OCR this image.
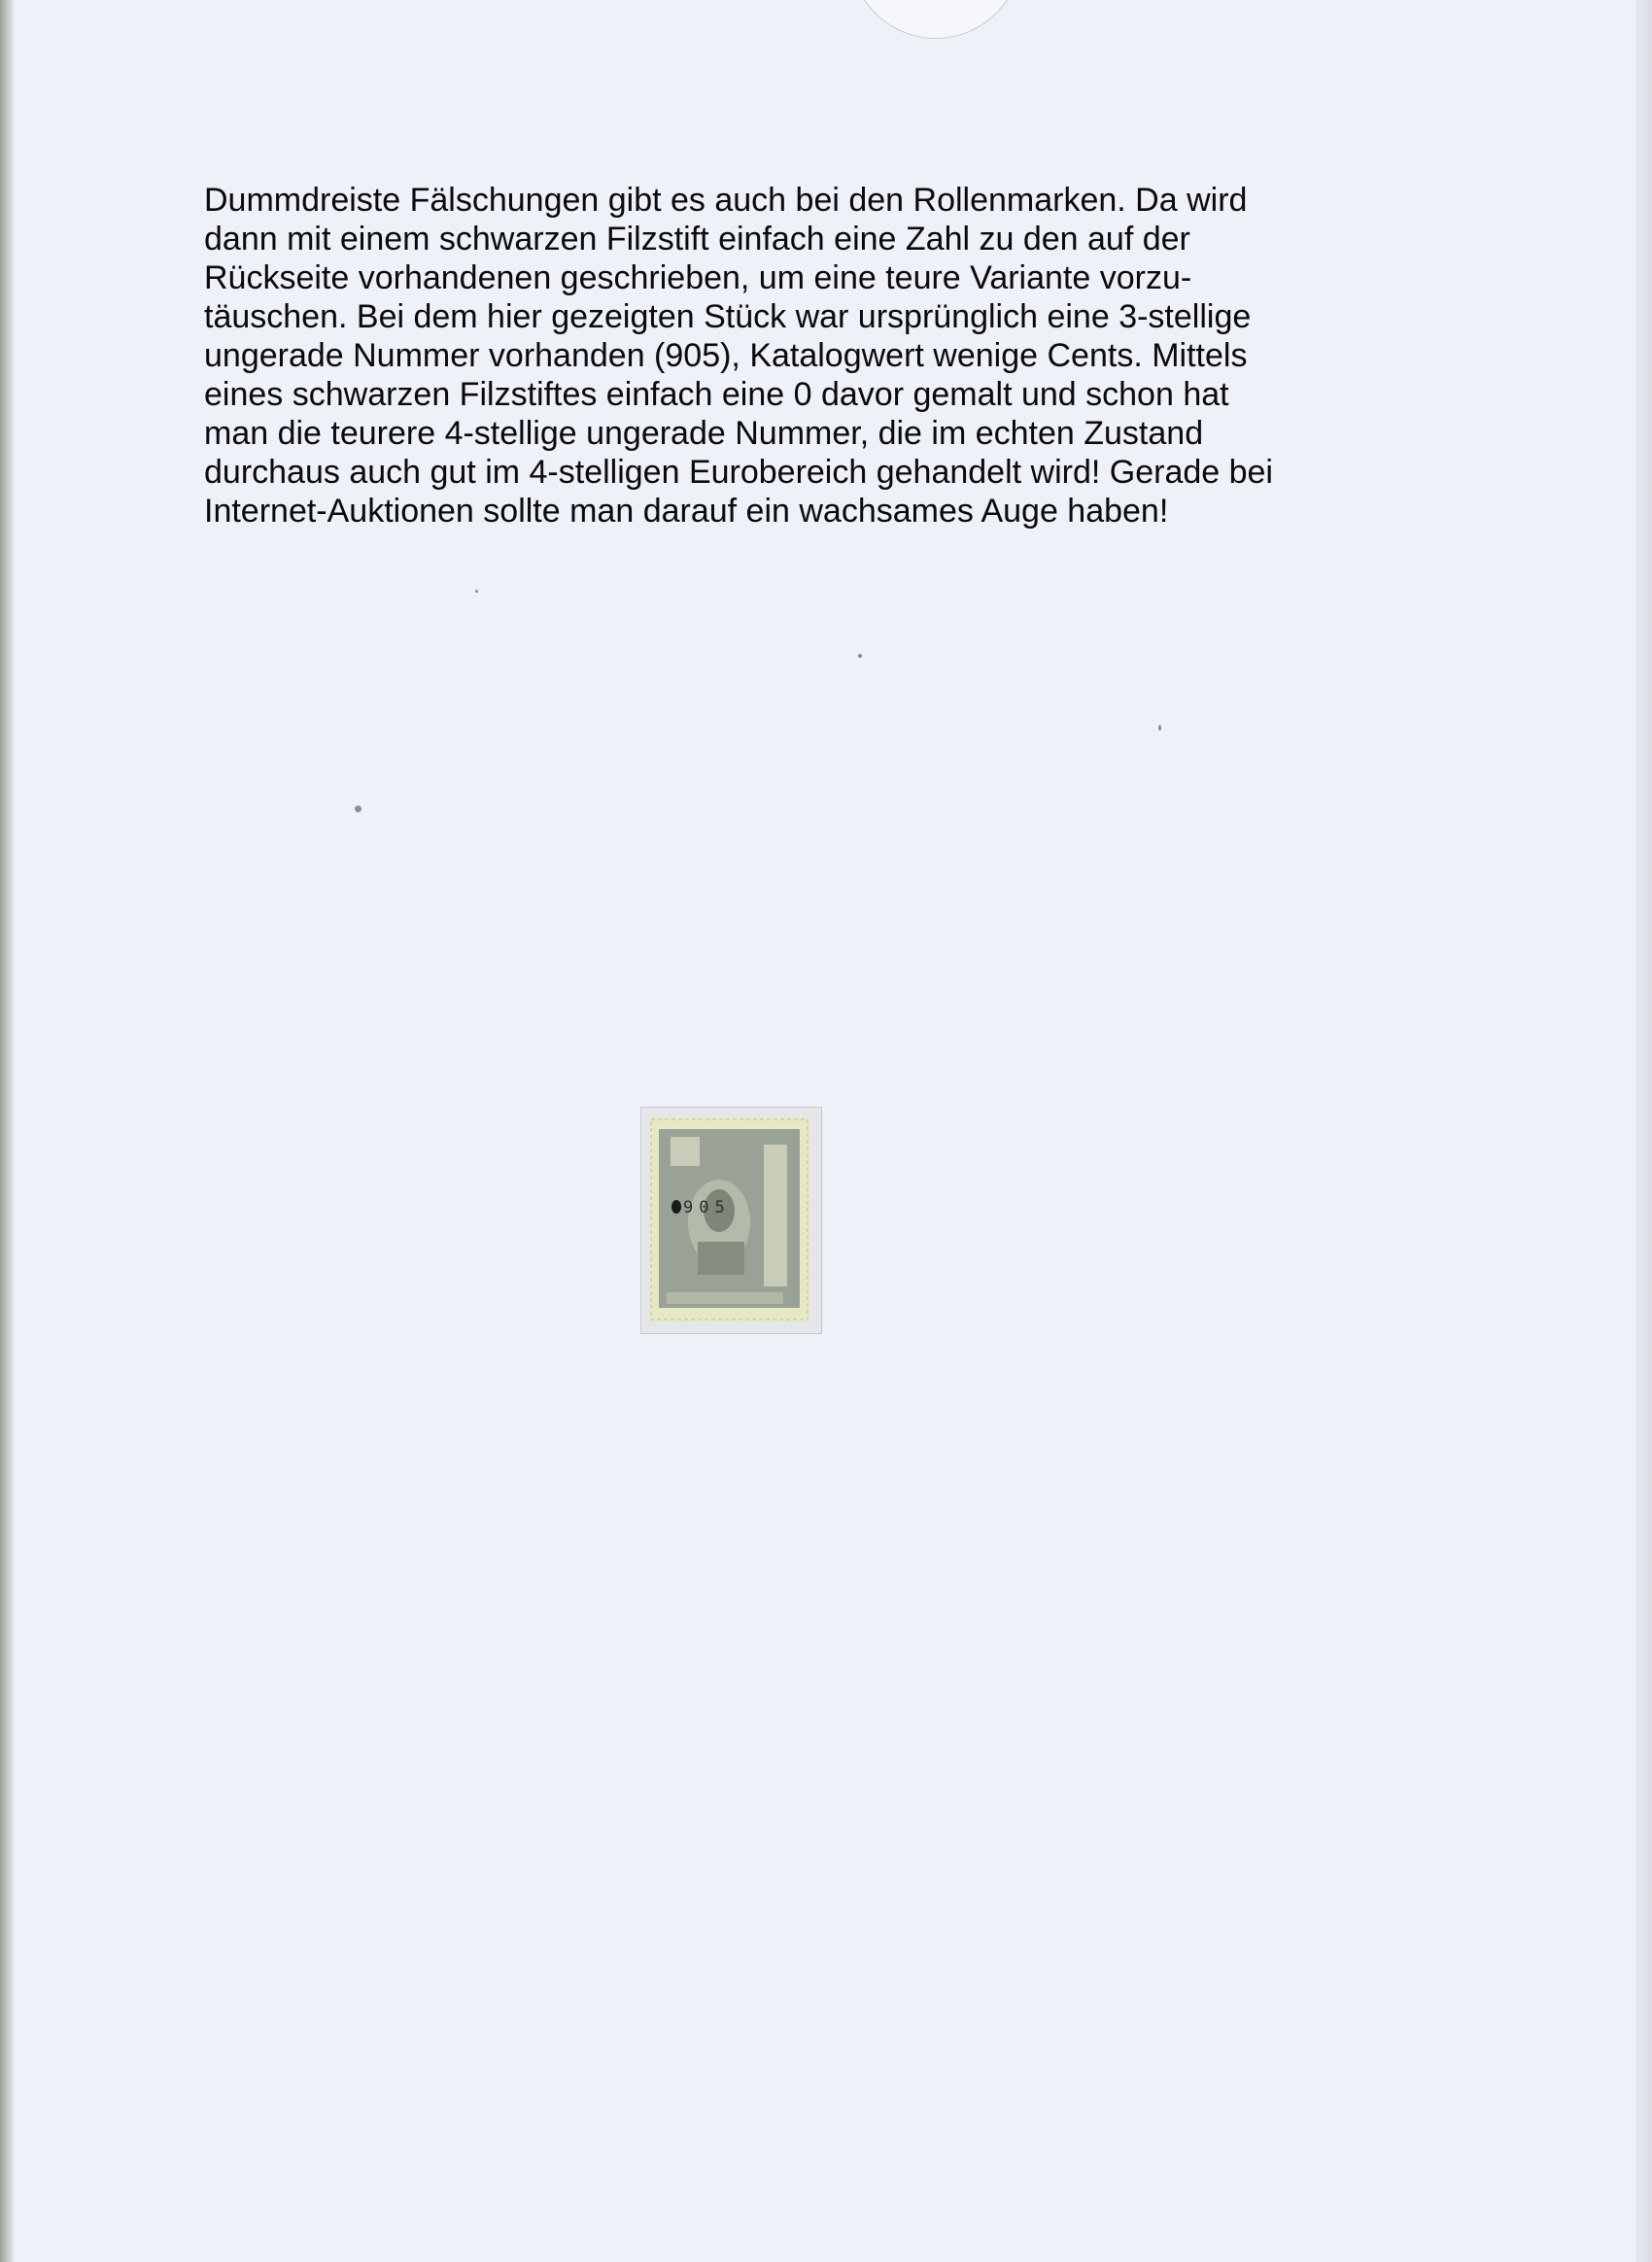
Dummdreiste Fälschungen gibt es auch bei den Rollenmarken. Da wird
dann mit einem schwarzen Filzstift einfach eine Zahl zu den auf der
Rückseite vorhandenen geschrieben, um eine teure Variante vorzu-
täuschen. Bei dem hier gezeigten Stück war ursprünglich eine 3-stellige
ungerade Nummer vorhanden (905), Katalogwert wenige Cents. Mittels
eines schwarzen Filzstiftes einfach eine 0 davor gemalt und schon hat
man die teurere 4-stellige ungerade Nummer, die im echten Zustand
durchaus auch gut im 4-stelligen Eurobereich gehandelt wird! Gerade bei
Internet-Auktionen sollte man darauf ein wachsames Auge haben!
905
